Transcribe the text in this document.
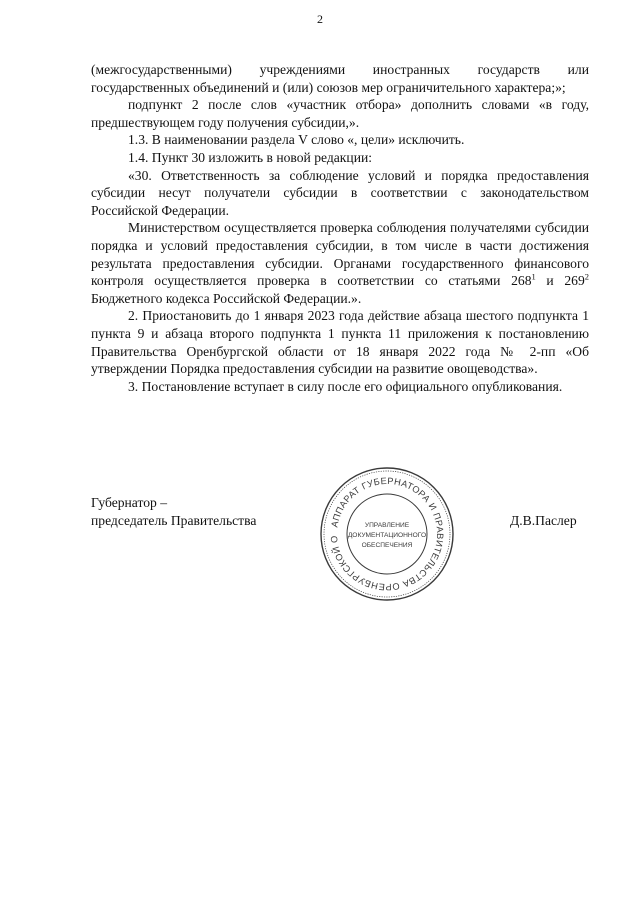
2

(межгосударственными) учреждениями иностранных государств или государственных объединений и (или) союзов мер ограничительного характера;»;

подпункт 2 после слов «участник отбора» дополнить словами «в году, предшествующем году получения субсидии,».

1.3. В наименовании раздела V слово «, цели» исключить.

1.4. Пункт 30 изложить в новой редакции:

«30. Ответственность за соблюдение условий и порядка предоставления субсидии несут получатели субсидии в соответствии с законодательством Российской Федерации.

Министерством осуществляется проверка соблюдения получателями субсидии порядка и условий предоставления субсидии, в том числе в части достижения результата предоставления субсидии. Органами государственного финансового контроля осуществляется проверка в соответствии со статьями $268^1$ и $269^2$ Бюджетного кодекса Российской Федерации.».

2. Приостановить до 1 января 2023 года действие абзаца шестого подпункта 1 пункта 9 и абзаца второго подпункта 1 пункта 11 приложения к постановлению Правительства Оренбургской области от 18 января 2022 года № 2-пп «Об утверждении Порядка предоставления субсидии на развитие овощеводства».

3. Постановление вступает в силу после его официального опубликования.

Губернатор –
председатель Правительства	АППАРАТ ГУБЕРНАТОРА И ПРАВИТЕЛЬСТВА ОРЕНБУРГСКОЙ О
УПРАВЛЕНИЕ
ДОКУМЕНТАЦИОННОГО
ОБЕСПЕЧЕНИЯ
Д.В.Паслер
